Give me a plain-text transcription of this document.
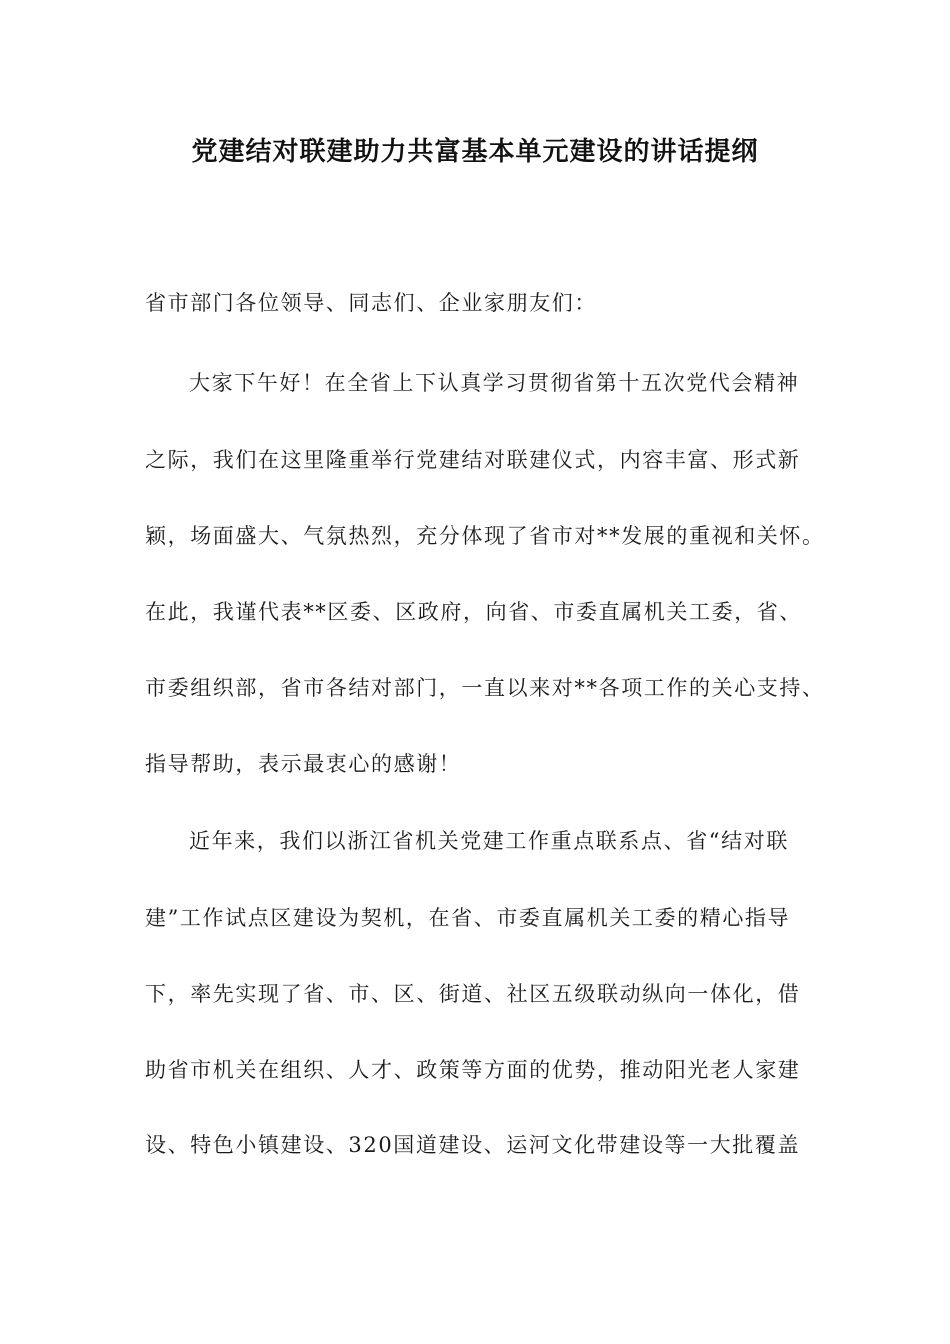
党建结对联建助力共富基本单元建设的讲话提纲
省市部门各位领导、同志们、企业家朋友们：
大家下午好！在全省上下认真学习贯彻省第十五次党代会精神
之际，我们在这里隆重举行党建结对联建仪式，内容丰富、形式新
颖，场面盛大、气氛热烈，充分体现了省市对**发展的重视和关怀。
在此，我谨代表**区委、区政府，向省、市委直属机关工委，省、
市委组织部，省市各结对部门，一直以来对**各项工作的关心支持、
指导帮助，表示最衷心的感谢！
近年来，我们以浙江省机关党建工作重点联系点、省“结对联
建”工作试点区建设为契机，在省、市委直属机关工委的精心指导
下，率先实现了省、市、区、街道、社区五级联动纵向一体化，借
助省市机关在组织、人才、政策等方面的优势，推动阳光老人家建
设、特色小镇建设、320国道建设、运河文化带建设等一大批覆盖
